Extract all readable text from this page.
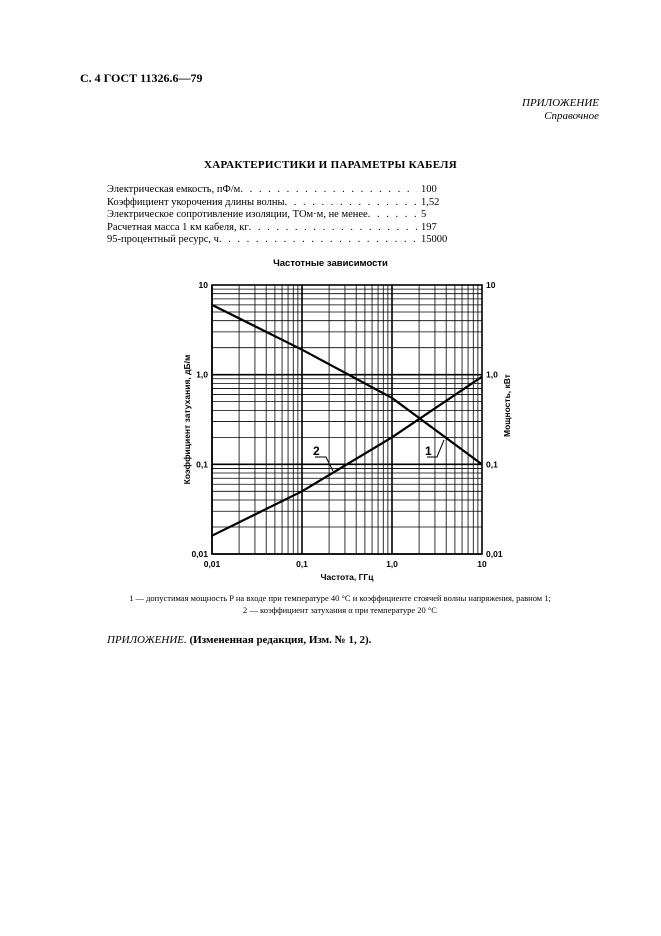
С. 4 ГОСТ 11326.6—79
ПРИЛОЖЕНИЕ
Справочное
ХАРАКТЕРИСТИКИ И ПАРАМЕТРЫ КАБЕЛЯ
Электрическая емкость, пФ/м . . .	100
Коэффициент укорочения длины волны . . .	1,52
Электрическое сопротивление изоляции, ТОм·м, не менее . . .	5
Расчетная масса 1 км кабеля, кг . . .	197
95-процентный ресурс, ч . . .	15000
Частотные зависимости
1
2
0,01
0,01	0,01
0,1
0,1	0,1
1,0
1,0	1,0
10
10	10
Частота, ГГц
Коэффициент затухания, дБ/м	Мощность, кВт
1 — допустимая мощность P на входе при температуре 40 °С и коэффициенте стоячей волны напряжения, равном 1;
2 — коэффициент затухания α при температуре 20 °С
ПРИЛОЖЕНИЕ. (Измененная редакция, Изм. № 1, 2).
